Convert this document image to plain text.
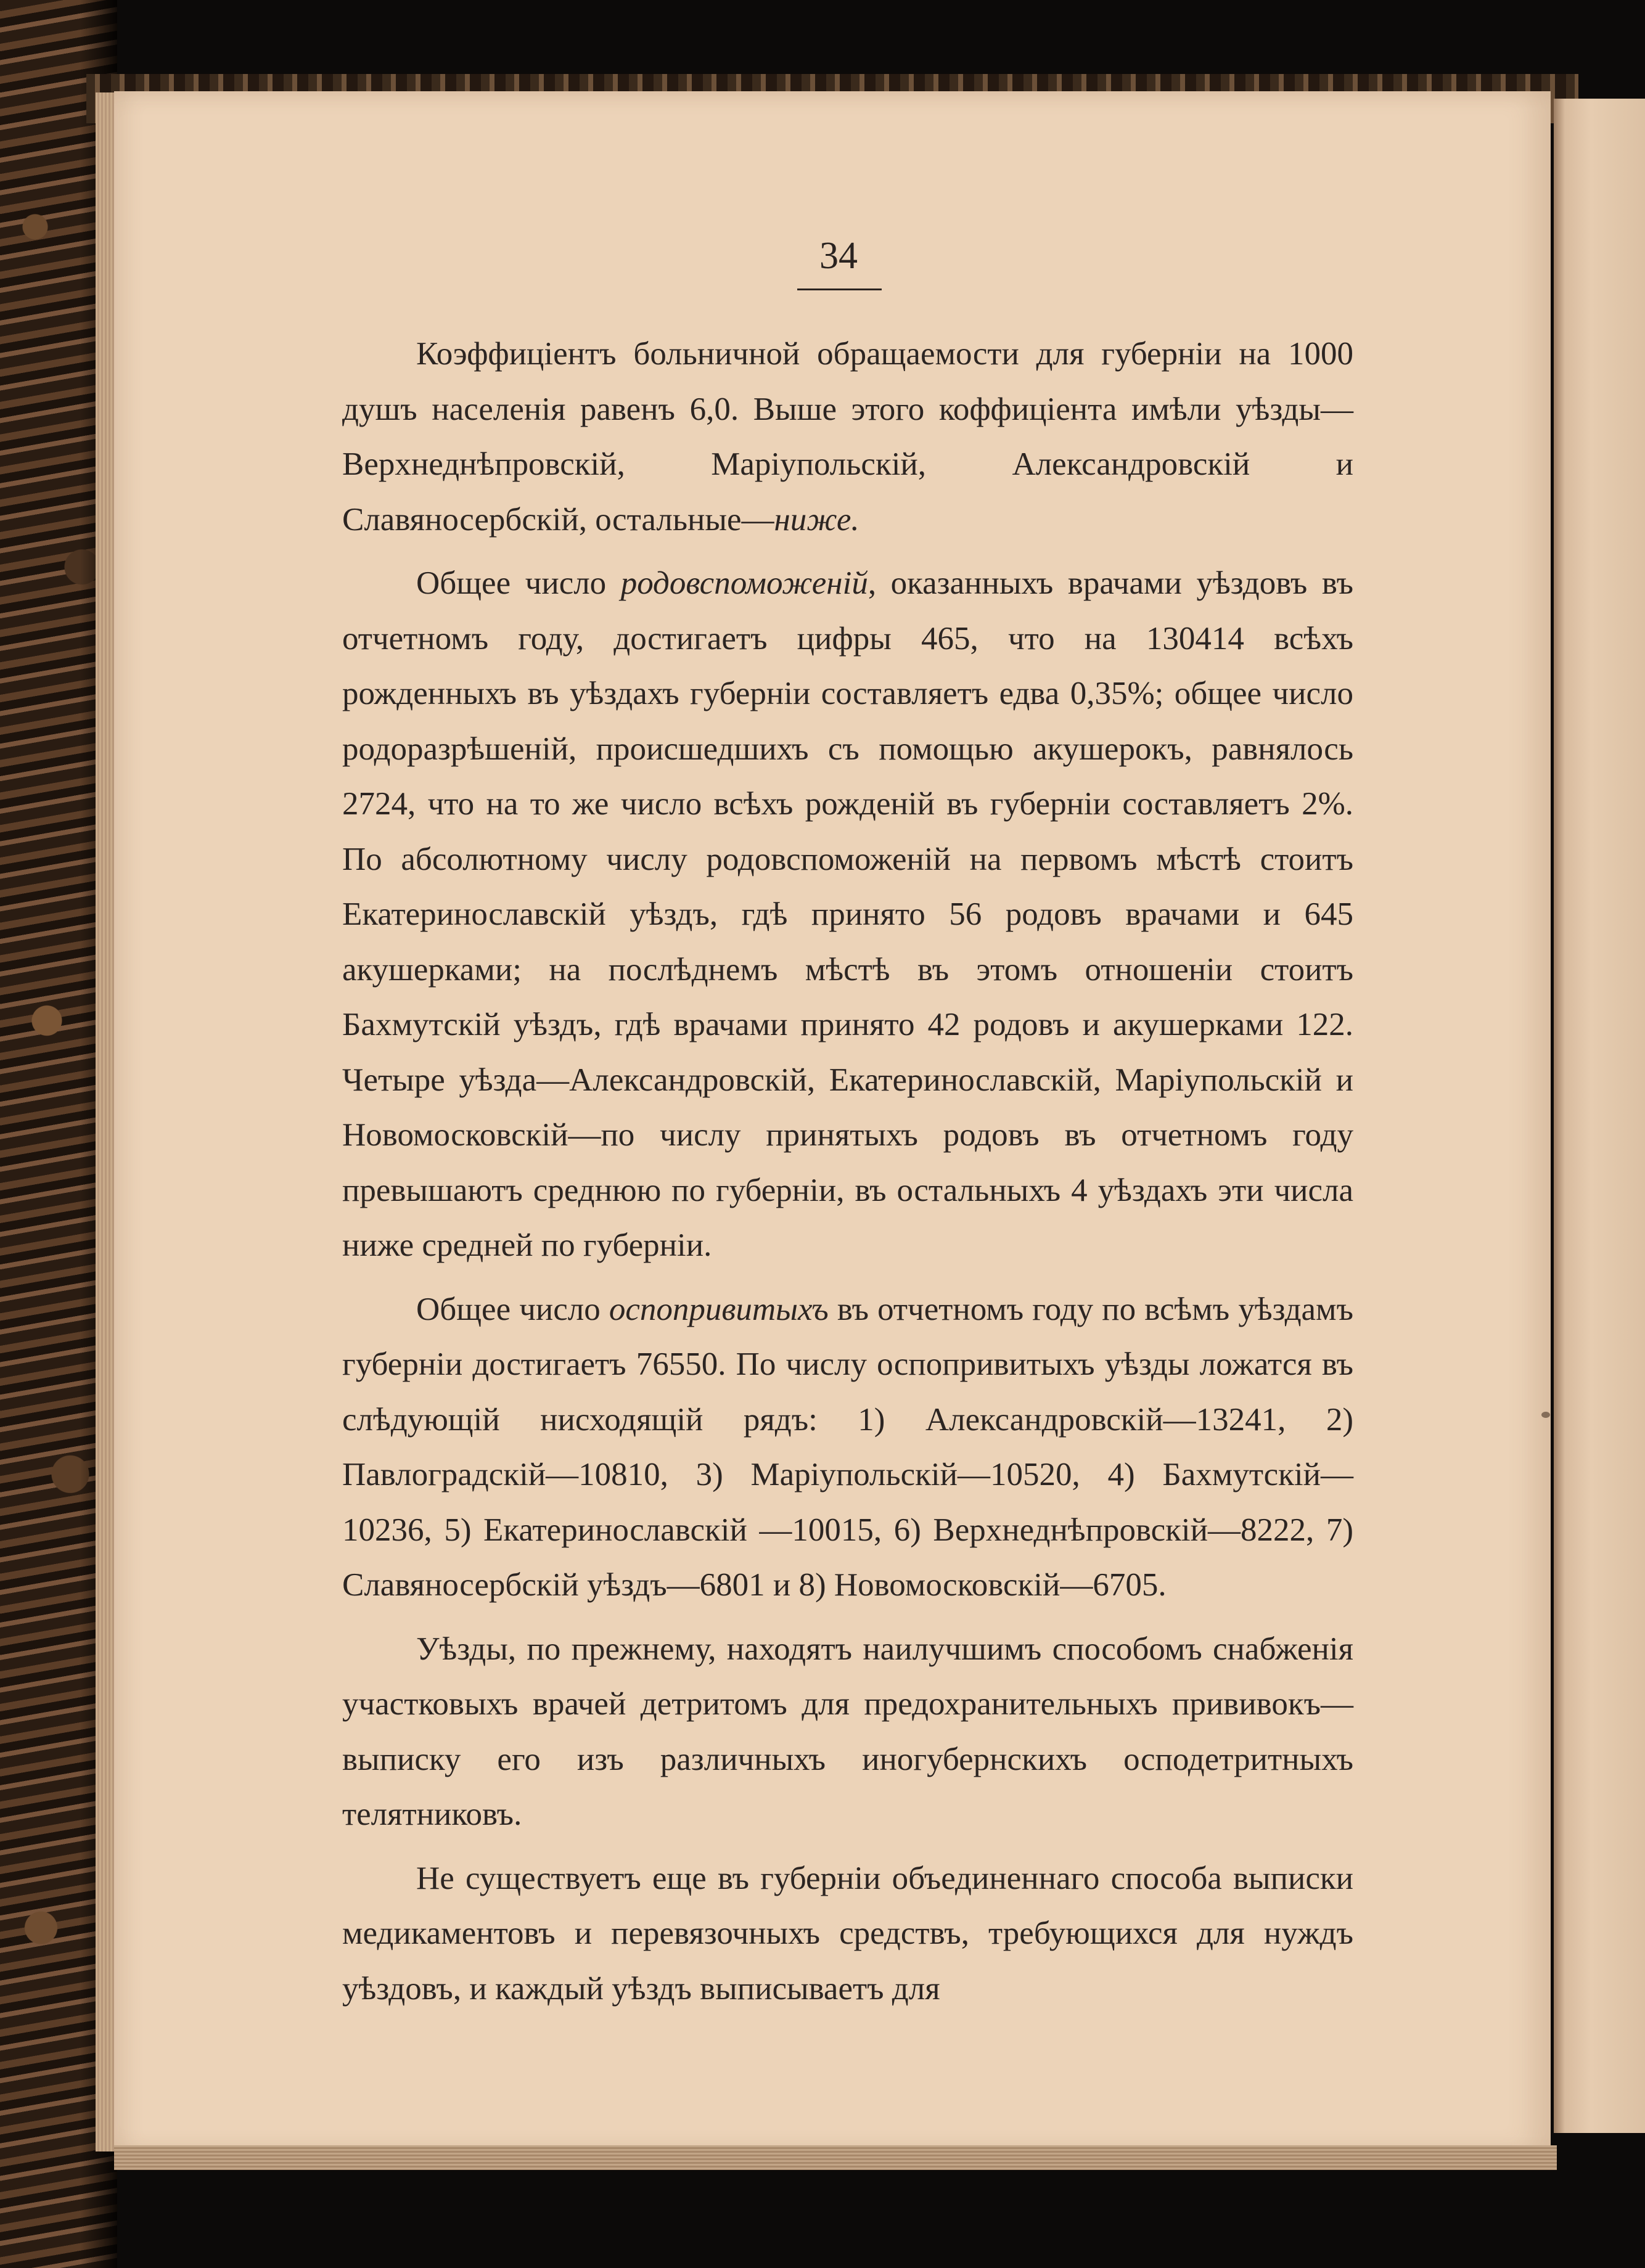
34

Коэффиціентъ больничной обращаемости для губерніи на 1000 душъ населенія равенъ 6,0. Выше этого коффиціента имѣли уѣзды—Верхнеднѣпровскій, Маріупольскій, Александровскій и Славяносербскій, остальные—ниже.

Общее число родовспоможеній, оказанныхъ врачами уѣздовъ въ отчетномъ году, достигаетъ цифры 465, что на 130414 всѣхъ рожденныхъ въ уѣздахъ губерніи составляетъ едва 0,35%; общее число родоразрѣшеній, происшедшихъ съ помощью акушерокъ, равнялось 2724, что на то же число всѣхъ рожденій въ губерніи составляетъ 2%. По абсолютному числу родовспоможеній на первомъ мѣстѣ стоитъ Екатеринославскій уѣздъ, гдѣ принято 56 родовъ врачами и 645 акушерками; на послѣднемъ мѣстѣ въ этомъ отношеніи стоитъ Бахмутскій уѣздъ, гдѣ врачами принято 42 родовъ и акушерками 122. Четыре уѣзда—Александровскій, Екатеринославскій, Маріупольскій и Новомосковскій—по числу принятыхъ родовъ въ отчетномъ году превышаютъ среднюю по губерніи, въ остальныхъ 4 уѣздахъ эти числа ниже средней по губерніи.

Общее число оспопривитыхъ въ отчетномъ году по всѣмъ уѣздамъ губерніи достигаетъ 76550. По числу оспопривитыхъ уѣзды ложатся въ слѣдующій нисходящій рядъ: 1) Александровскій—13241, 2) Павлоградскій—10810, 3) Маріупольскій—10520, 4) Бахмутскій—10236, 5) Екатеринославскій —10015, 6) Верхнеднѣпровскій—8222, 7) Славяносербскій уѣздъ—6801 и 8) Новомосковскій—6705.

Уѣзды, по прежнему, находятъ наилучшимъ способомъ снабженія участковыхъ врачей детритомъ для предохранительныхъ прививокъ—выписку его изъ различныхъ иногубернскихъ осподетритныхъ телятниковъ.

Не существуетъ еще въ губерніи объединеннаго способа выписки медикаментовъ и перевязочныхъ средствъ, требующихся для нуждъ уѣздовъ, и каждый уѣздъ выписываетъ для
